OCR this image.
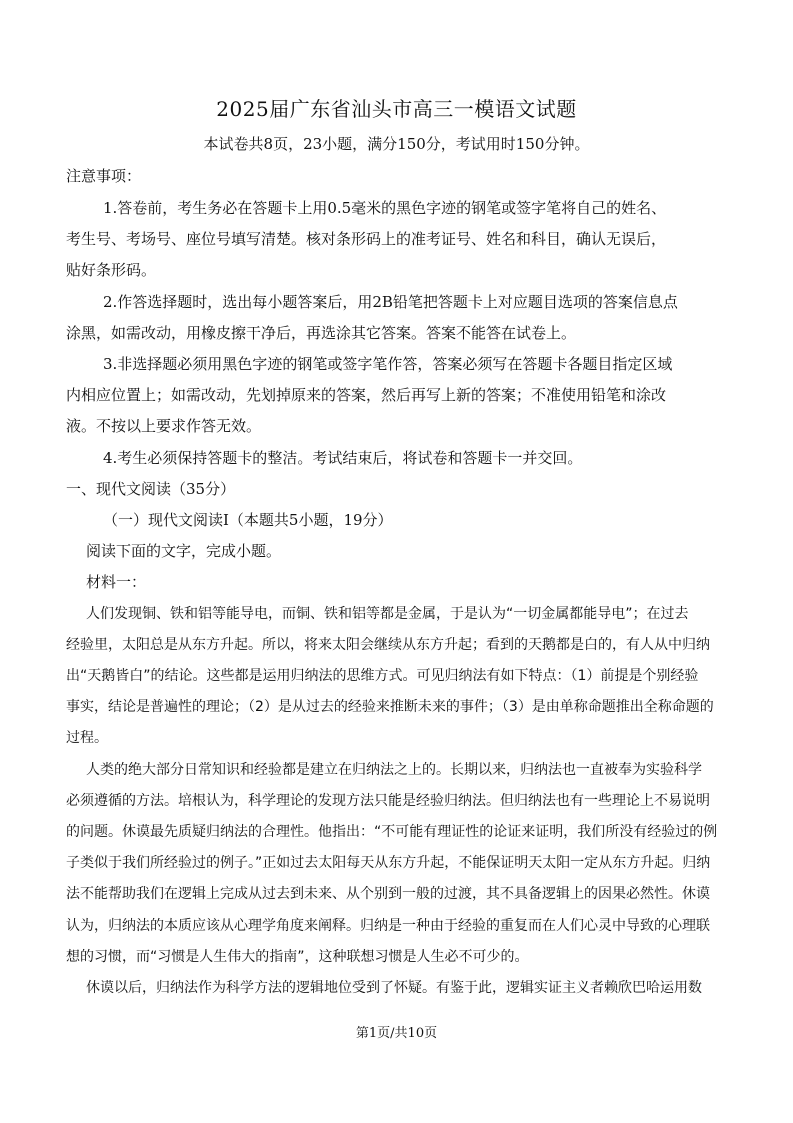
2025届广东省汕头市高三一模语文试题
本试卷共8页，23小题，满分150分，考试用时150分钟。
注意事项：
1.答卷前，考生务必在答题卡上用0.5毫米的黑色字迹的钢笔或签字笔将自己的姓名、
考生号、考场号、座位号填写清楚。核对条形码上的准考证号、姓名和科目，确认无误后，
贴好条形码。
2.作答选择题时，选出每小题答案后，用2B铅笔把答题卡上对应题目选项的答案信息点
涂黑，如需改动，用橡皮擦干净后，再选涂其它答案。答案不能答在试卷上。
3.非选择题必须用黑色字迹的钢笔或签字笔作答，答案必须写在答题卡各题目指定区域
内相应位置上；如需改动，先划掉原来的答案，然后再写上新的答案；不准使用铅笔和涂改
液。不按以上要求作答无效。
4.考生必须保持答题卡的整洁。考试结束后，将试卷和答题卡一并交回。
一、现代文阅读（35分）
（一）现代文阅读Ⅰ（本题共5小题，19分）
阅读下面的文字，完成小题。
材料一：
人们发现铜、铁和铝等能导电，而铜、铁和铝等都是金属，于是认为“一切金属都能导电”；在过去
经验里，太阳总是从东方升起。所以，将来太阳会继续从东方升起；看到的天鹅都是白的，有人从中归纳
出“天鹅皆白”的结论。这些都是运用归纳法的思维方式。可见归纳法有如下特点：（1）前提是个别经验
事实，结论是普遍性的理论；（2）是从过去的经验来推断未来的事件；（3）是由单称命题推出全称命题的
过程。
人类的绝大部分日常知识和经验都是建立在归纳法之上的。长期以来，归纳法也一直被奉为实验科学
必须遵循的方法。培根认为，科学理论的发现方法只能是经验归纳法。但归纳法也有一些理论上不易说明
的问题。休谟最先质疑归纳法的合理性。他指出：“不可能有理证性的论证来证明，我们所没有经验过的例
子类似于我们所经验过的例子。”正如过去太阳每天从东方升起，不能保证明天太阳一定从东方升起。归纳
法不能帮助我们在逻辑上完成从过去到未来、从个别到一般的过渡，其不具备逻辑上的因果必然性。休谟
认为，归纳法的本质应该从心理学角度来阐释。归纳是一种由于经验的重复而在人们心灵中导致的心理联
想的习惯，而“习惯是人生伟大的指南”，这种联想习惯是人生必不可少的。
休谟以后，归纳法作为科学方法的逻辑地位受到了怀疑。有鉴于此，逻辑实证主义者赖欣巴哈运用数
第1页/共10页
